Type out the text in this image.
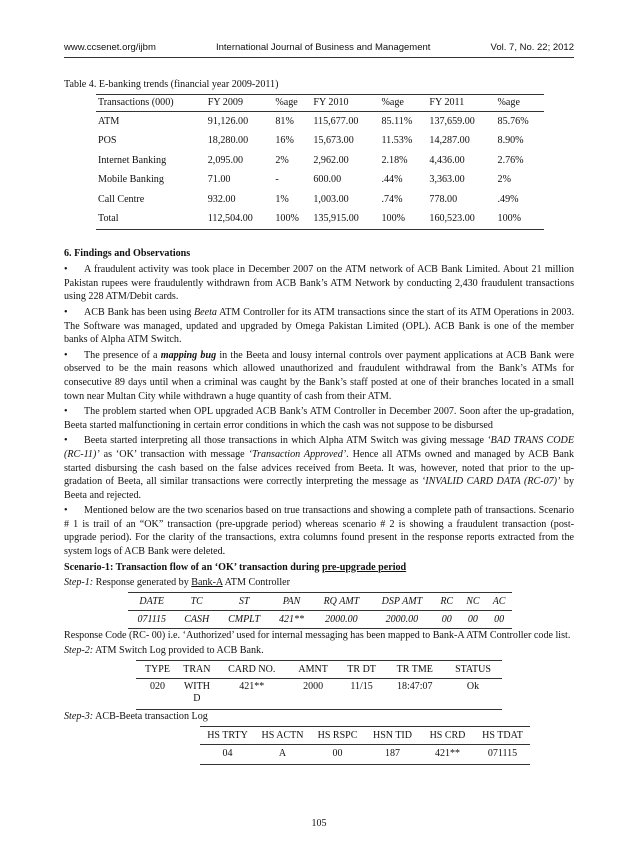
www.ccsenet.org/ijbm	International Journal of Business and Management	Vol. 7, No. 22; 2012
Table 4. E-banking trends (financial year 2009-2011)
Transactions (000)	FY 2009	%age	FY 2010	%age	FY 2011	%age
ATM	91,126.00	81%	115,677.00	85.11%	137,659.00	85.76%
POS	18,280.00	16%	15,673.00	11.53%	14,287.00	8.90%
Internet Banking	2,095.00	2%	2,962.00	2.18%	4,436.00	2.76%
Mobile Banking	71.00	-	600.00	.44%	3,363.00	2%
Call Centre	932.00	1%	1,003.00	.74%	778.00	.49%
Total	112,504.00	100%	135,915.00	100%	160,523.00	100%
6. Findings and Observations

• A fraudulent activity was took place in December 2007 on the ATM network of ACB Bank Limited. About 21 million Pakistan rupees were fraudulently withdrawn from ACB Bank’s ATM Network by conducting 2,430 fraudulent transactions using 228 ATM/Debit cards.

• ACB Bank has been using Beeta ATM Controller for its ATM transactions since the start of its ATM Operations in 2003. The Software was managed, updated and upgraded by Omega Pakistan Limited (OPL). ACB Bank is one of the member banks of Alpha ATM Switch.

• The presence of a mapping bug in the Beeta and lousy internal controls over payment applications at ACB Bank were observed to be the main reasons which allowed unauthorized and fraudulent withdrawal from the Bank’s ATMs for consecutive 89 days until when a criminal was caught by the Bank’s staff posted at one of their branches located in a small town near Multan City while withdrawn a huge quantity of cash from their ATM.

• The problem started when OPL upgraded ACB Bank’s ATM Controller in December 2007. Soon after the up-gradation, Beeta started malfunctioning in certain error conditions in which the cash was not suppose to be disbursed

• Beeta started interpreting all those transactions in which Alpha ATM Switch was giving message ‘BAD TRANS CODE (RC-11)’ as ‘OK’ transaction with message ‘Transaction Approved’. Hence all ATMs owned and managed by ACB Bank started disbursing the cash based on the false advices received from Beeta. It was, however, noted that prior to the up-gradation of Beeta, all similar transactions were correctly interpreting the message as ‘INVALID CARD DATA (RC-07)’ by Beeta and rejected.

• Mentioned below are the two scenarios based on true transactions and showing a complete path of transactions. Scenario # 1 is trail of an “OK” transaction (pre-upgrade period) whereas scenario # 2 is showing a fraudulent transaction (post-upgrade period). For the clarity of the transactions, extra columns found present in the response reports extracted from the system logs of ACB Bank were deleted.

Scenario-1: Transaction flow of an ‘OK’ transaction during pre-upgrade period

Step-1: Response generated by Bank-A ATM Controller

DATE	TC	ST	PAN	RQ AMT	DSP AMT	RC	NC	AC
071115	CASH	CMPLT	421**	2000.00	2000.00	00	00	00

Response Code (RC- 00) i.e. ‘Authorized’ used for internal messaging has been mapped to Bank-A ATM Controller code list.

Step-2: ATM Switch Log provided to ACB Bank.

TYPE	TRAN	CARD NO.	AMNT	TR DT	TR TME	STATUS
020	WITH D	421**	2000	11/15	18:47:07	Ok

Step-3: ACB-Beeta transaction Log

HS TRTY	HS ACTN	HS RSPC	HSN TID	HS CRD	HS TDAT
04	A	00	187	421**	071115
105
